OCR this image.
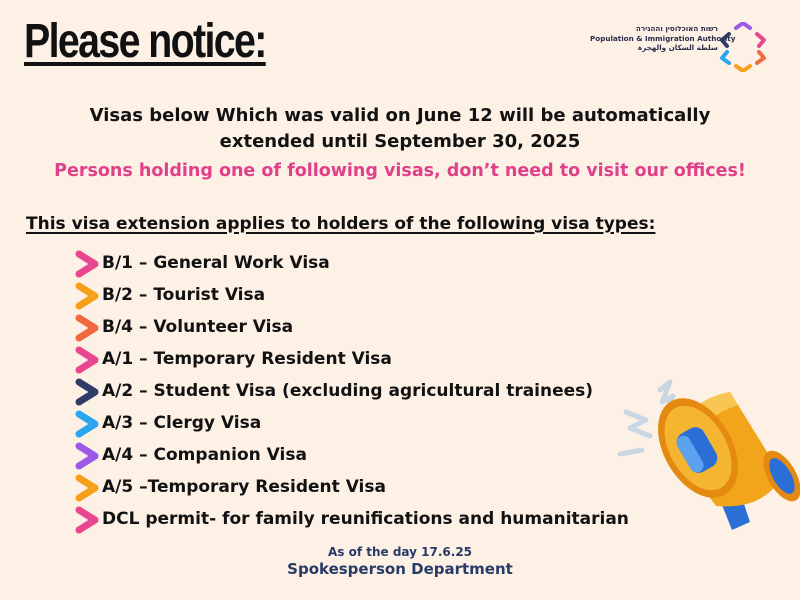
Please notice:	רשות האוכלוסין וההגירה
Population & Immigration Authority
سلطة السكان والهجرة
Visas below Which was valid on June 12 will be automatically
extended until September 30, 2025
Persons holding one of following visas, don’t need to visit our offices!
This visa extension applies to holders of the following visa types:
B/1 – General Work Visa
B/2 – Tourist Visa
B/4 – Volunteer Visa
A/1 – Temporary Resident Visa
A/2 – Student Visa (excluding agricultural trainees)
A/3 – Clergy Visa
A/4 – Companion Visa
A/5 –Temporary Resident Visa
DCL permit- for family reunifications and humanitarian
As of the day 17.6.25
Spokesperson Department
